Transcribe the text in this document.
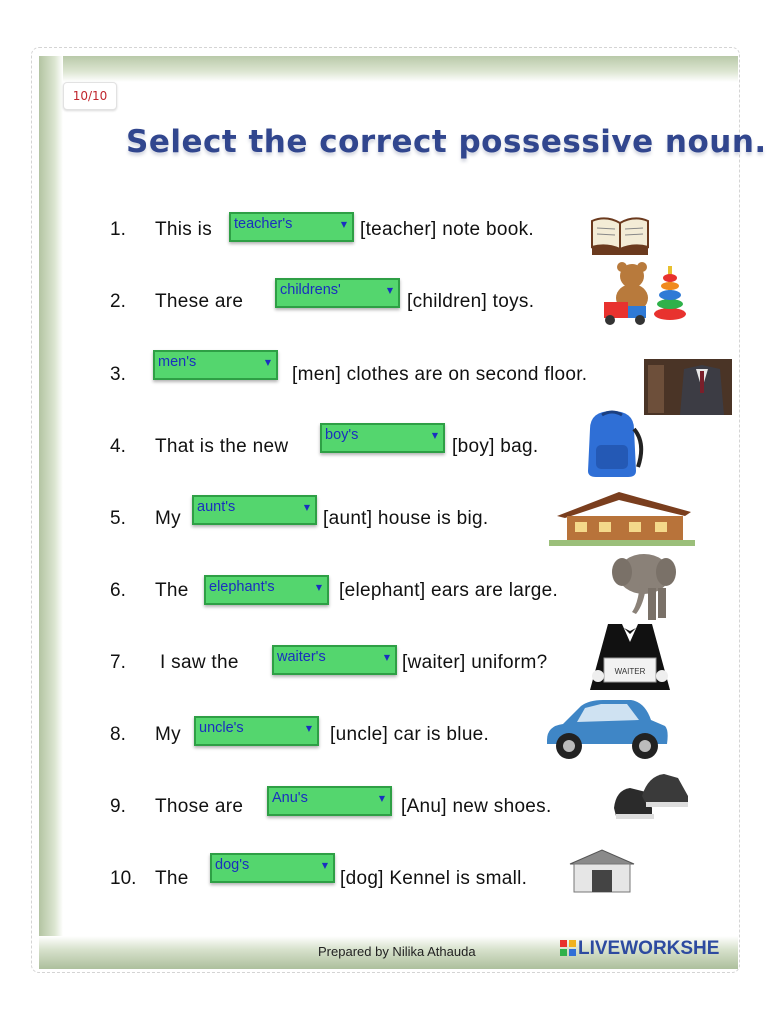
10/10
Select the correct possessive noun.
1. This is teacher's	▼ [teacher] note book.
2. These are
childrens'	▼
[children] toys.
3.
men's	▼
[men] clothes are on second floor.
4. That is the new
boy's	▼
[boy] bag.
5. My
aunt's	▼
[aunt] house is big.
6. The elephant's	▼ [elephant] ears are large.
7. I saw the	waiter's	▼ [waiter] uniform?	WAITER
8. My uncle's	▼ [uncle] car is blue.
9. Those are Anu's	▼ [Anu] new shoes.
10. The
dog's	▼
[dog] Kennel is small.
Prepared by Nilika Athauda	LIVEWORKSHE
